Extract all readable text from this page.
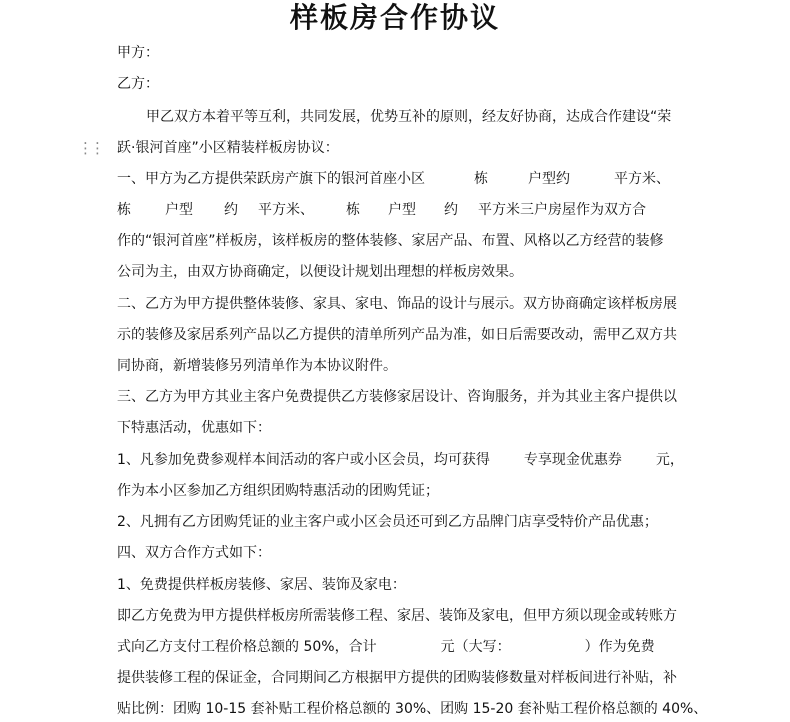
样板房合作协议
⋮⋮
甲方：
乙方：
甲乙双方本着平等互利，共同发展，优势互补的原则，经友好协商，达成合作建设“荣
跃·银河首座”小区精装样板房协议：
一、甲方为乙方提供荣跃房产旗下的银河首座小区	栋	户型约	平方米、
栋 户型 约 平方米、 栋 户型 约 平方米三户房屋作为双方合
作的“银河首座”样板房，该样板房的整体装修、家居产品、布置、风格以乙方经营的装修
公司为主，由双方协商确定，以便设计规划出理想的样板房效果。
二、乙方为甲方提供整体装修、家具、家电、饰品的设计与展示。双方协商确定该样板房展
示的装修及家居系列产品以乙方提供的清单所列产品为准，如日后需要改动，需甲乙双方共
同协商，新增装修另列清单作为本协议附件。
三、乙方为甲方其业主客户免费提供乙方装修家居设计、咨询服务，并为其业主客户提供以
下特惠活动，优惠如下：
1、凡参加免费参观样本间活动的客户或小区会员，均可获得 专享现金优惠券 元，
作为本小区参加乙方组织团购特惠活动的团购凭证；
2、凡拥有乙方团购凭证的业主客户或小区会员还可到乙方品牌门店享受特价产品优惠；
四、双方合作方式如下：
1、免费提供样板房装修、家居、装饰及家电：
即乙方免费为甲方提供样板房所需装修工程、家居、装饰及家电，但甲方须以现金或转账方
式向乙方支付工程价格总额的 50%，合计	元（大写：	）作为免费
提供装修工程的保证金，合同期间乙方根据甲方提供的团购装修数量对样板间进行补贴，补
贴比例：团购 10-15 套补贴工程价格总额的 30%、团购 15-20 套补贴工程价格总额的 40%、
